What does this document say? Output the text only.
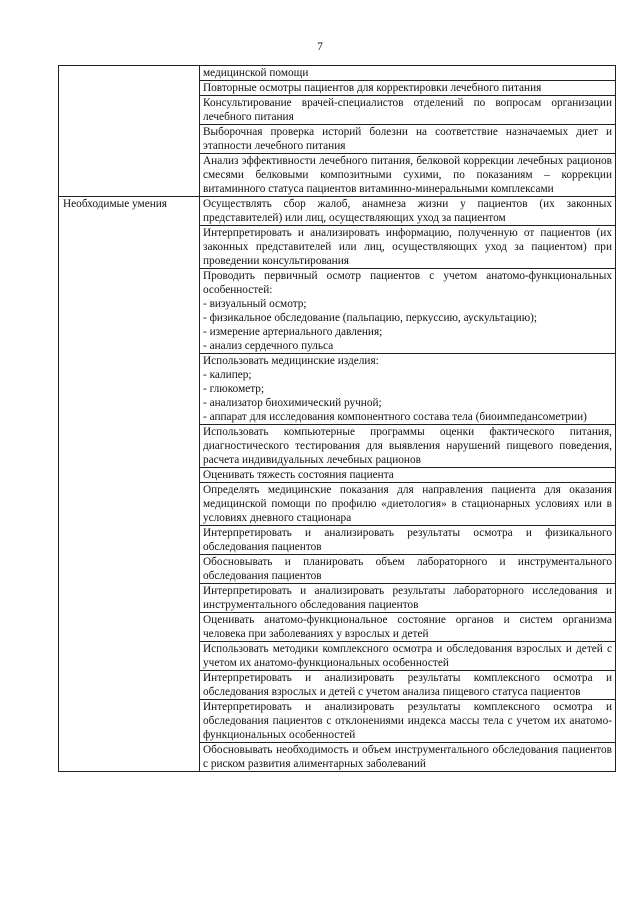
7
	медицинской помощи
	Повторные осмотры пациентов для корректировки лечебного питания
	Консультирование врачей-специалистов отделений по вопросам организации лечебного питания
	Выборочная проверка историй болезни на соответствие назначаемых диет и этапности лечебного питания
	Анализ эффективности лечебного питания, белковой коррекции лечебных рационов смесями белковыми композитными сухими, по показаниям – коррекции витаминного статуса пациентов витаминно-минеральными комплексами
Необходимые умения	Осуществлять сбор жалоб, анамнеза жизни у пациентов (их законных представителей) или лиц, осуществляющих уход за пациентом

	Интерпретировать и анализировать информацию, полученную от пациентов (их законных представителей или лиц, осуществляющих уход за пациентом) при проведении консультирования

	Проводить первичный осмотр пациентов с учетом анатомо-функциональных особенностей:
- визуальный осмотр;
- физикальное обследование (пальпацию, перкуссию, аускультацию);
- измерение артериального давления;
- анализ сердечного пульса

	Использовать медицинские изделия:
- калипер;
- глюкометр;
- анализатор биохимический ручной;
- аппарат для исследования компонентного состава тела (биоимпедансометрии)

	Использовать компьютерные программы оценки фактического питания, диагностического тестирования для выявления нарушений пищевого поведения, расчета индивидуальных лечебных рационов

	Оценивать тяжесть состояния пациента

	Определять медицинские показания для направления пациента для оказания медицинской помощи по профилю «диетология» в стационарных условиях или в условиях дневного стационара

	Интерпретировать и анализировать результаты осмотра и физикального обследования пациентов

	Обосновывать и планировать объем лабораторного и инструментального обследования пациентов

	Интерпретировать и анализировать результаты лабораторного исследования и инструментального обследования пациентов

	Оценивать анатомо-функциональное состояние органов и систем организма человека при заболеваниях у взрослых и детей

	Использовать методики комплексного осмотра и обследования взрослых и детей с учетом их анатомо-функциональных особенностей

	Интерпретировать и анализировать результаты комплексного осмотра и обследования взрослых и детей с учетом анализа пищевого статуса пациентов

	Интерпретировать и анализировать результаты комплексного осмотра и обследования пациентов с отклонениями индекса массы тела с учетом их анатомо-функциональных особенностей

	Обосновывать необходимость и объем инструментального обследования пациентов с риском развития алиментарных заболеваний
